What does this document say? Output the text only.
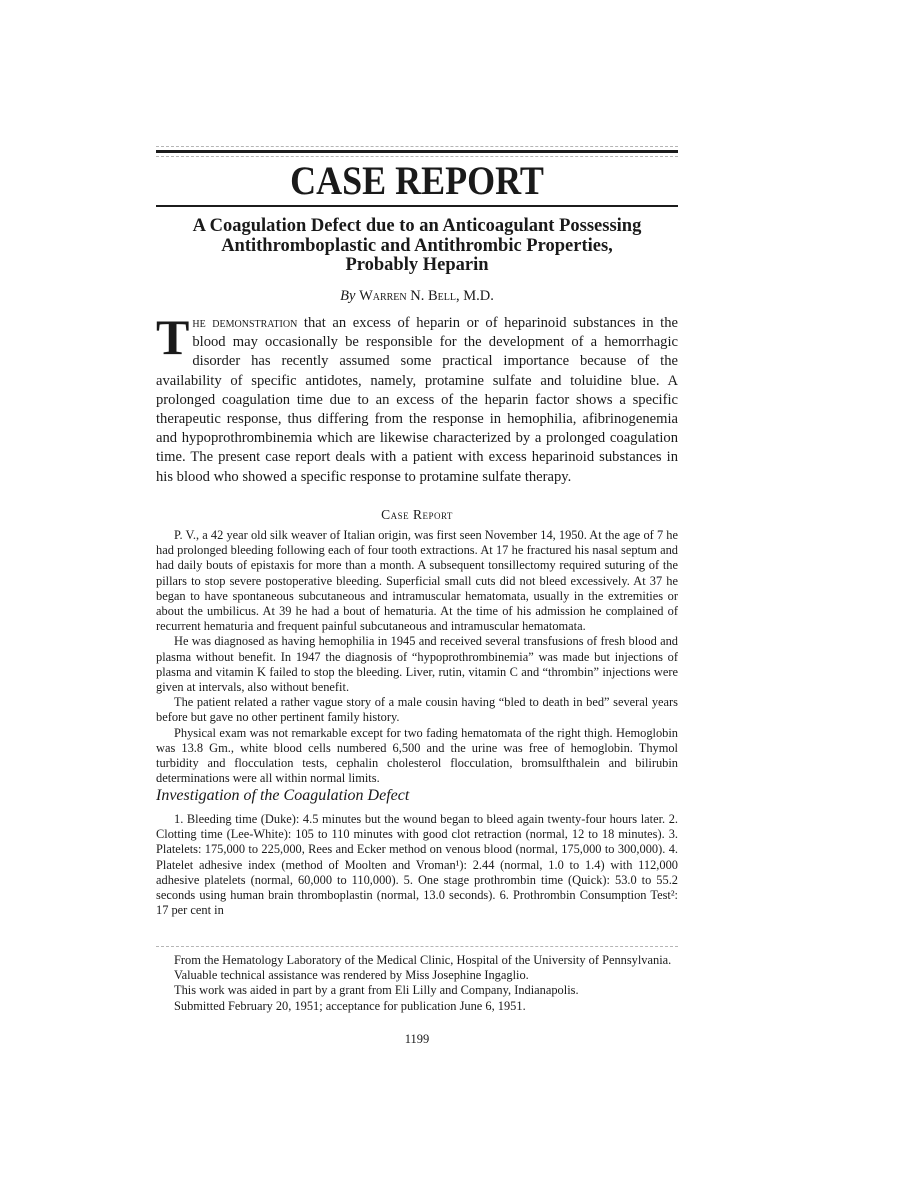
CASE REPORT
A Coagulation Defect due to an Anticoagulant Possessing
Antithromboplastic and Antithrombic Properties,
Probably Heparin
By Warren N. Bell, M.D.
The demonstration that an excess of heparin or of heparinoid substances in the blood may occasionally be responsible for the development of a hemorrhagic disorder has recently assumed some practical importance because of the availability of specific antidotes, namely, protamine sulfate and toluidine blue. A prolonged coagulation time due to an excess of the heparin factor shows a specific therapeutic response, thus differing from the response in hemophilia, afibrinogenemia and hypoprothrombinemia which are likewise characterized by a prolonged coagulation time. The present case report deals with a patient with excess heparinoid substances in his blood who showed a specific response to protamine sulfate therapy.
Case Report

P. V., a 42 year old silk weaver of Italian origin, was first seen November 14, 1950. At the age of 7 he had prolonged bleeding following each of four tooth extractions. At 17 he fractured his nasal septum and had daily bouts of epistaxis for more than a month. A subsequent tonsillectomy required suturing of the pillars to stop severe postoperative bleeding. Superficial small cuts did not bleed excessively. At 37 he began to have spontaneous subcutaneous and intramuscular hematomata, usually in the extremities or about the umbilicus. At 39 he had a bout of hematuria. At the time of his admission he complained of recurrent hematuria and frequent painful subcutaneous and intramuscular hematomata.

He was diagnosed as having hemophilia in 1945 and received several transfusions of fresh blood and plasma without benefit. In 1947 the diagnosis of “hypoprothrombinemia” was made but injections of plasma and vitamin K failed to stop the bleeding. Liver, rutin, vitamin C and “thrombin” injections were given at intervals, also without benefit.

The patient related a rather vague story of a male cousin having “bled to death in bed” several years before but gave no other pertinent family history.

Physical exam was not remarkable except for two fading hematomata of the right thigh. Hemoglobin was 13.8 Gm., white blood cells numbered 6,500 and the urine was free of hemoglobin. Thymol turbidity and flocculation tests, cephalin cholesterol flocculation, bromsulfthalein and bilirubin determinations were all within normal limits.

Investigation of the Coagulation Defect

1. Bleeding time (Duke): 4.5 minutes but the wound began to bleed again twenty-four hours later. 2. Clotting time (Lee-White): 105 to 110 minutes with good clot retraction (normal, 12 to 18 minutes). 3. Platelets: 175,000 to 225,000, Rees and Ecker method on venous blood (normal, 175,000 to 300,000). 4. Platelet adhesive index (method of Moolten and Vroman¹): 2.44 (normal, 1.0 to 1.4) with 112,000 adhesive platelets (normal, 60,000 to 110,000). 5. One stage prothrombin time (Quick): 53.0 to 55.2 seconds using human brain thromboplastin (normal, 13.0 seconds). 6. Prothrombin Consumption Test²: 17 per cent in

From the Hematology Laboratory of the Medical Clinic, Hospital of the University of Pennsylvania.

Valuable technical assistance was rendered by Miss Josephine Ingaglio.

This work was aided in part by a grant from Eli Lilly and Company, Indianapolis.

Submitted February 20, 1951; acceptance for publication June 6, 1951.

1199
